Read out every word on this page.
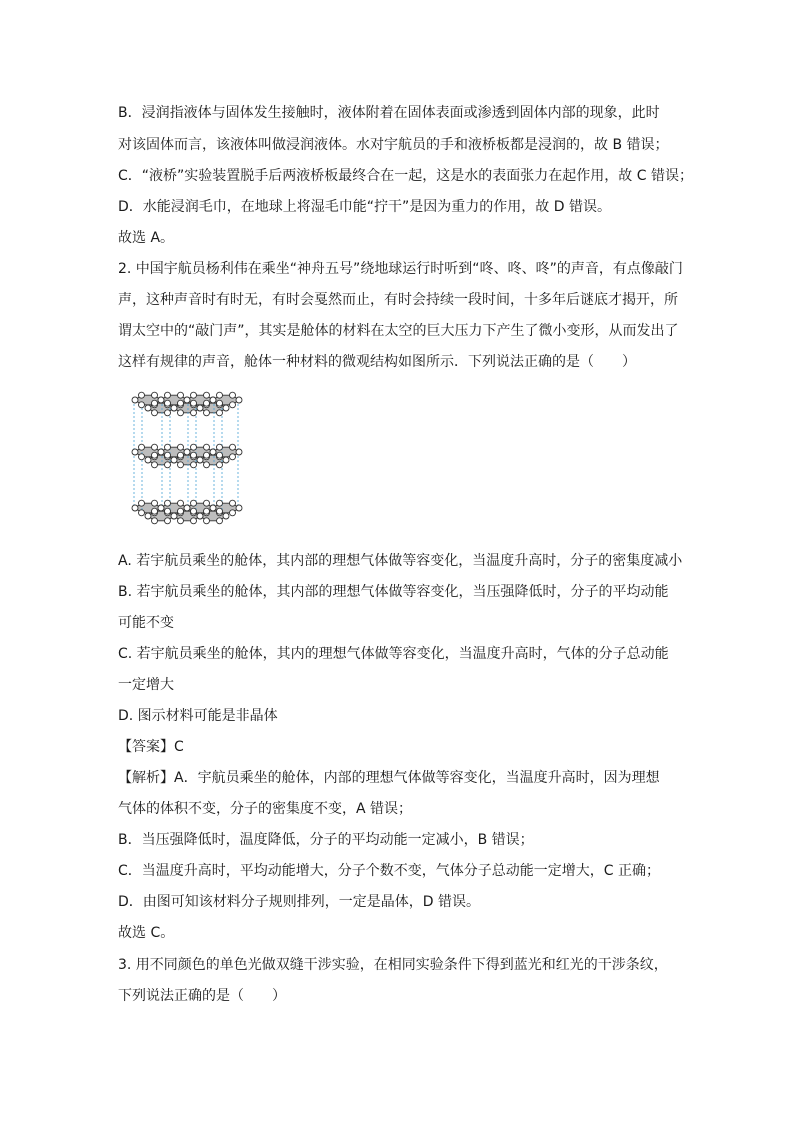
B．浸润指液体与固体发生接触时，液体附着在固体表面或渗透到固体内部的现象，此时
对该固体而言，该液体叫做浸润液体。水对宇航员的手和液桥板都是浸润的，故 B 错误；
C．“液桥”实验装置脱手后两液桥板最终合在一起，这是水的表面张力在起作用，故 C 错误；
D．水能浸润毛巾，在地球上将湿毛巾能“拧干”是因为重力的作用，故 D 错误。
故选 A。
2. 中国宇航员杨利伟在乘坐“神舟五号”绕地球运行时听到“咚、咚、咚”的声音，有点像敲门
声，这种声音时有时无，有时会戛然而止，有时会持续一段时间，十多年后谜底才揭开，所
谓太空中的“敲门声”，其实是舱体的材料在太空的巨大压力下产生了微小变形，从而发出了
这样有规律的声音，舱体一种材料的微观结构如图所示．下列说法正确的是（　　）
A. 若宇航员乘坐的舱体，其内部的理想气体做等容变化，当温度升高时，分子的密集度减小
B. 若宇航员乘坐的舱体，其内部的理想气体做等容变化，当压强降低时，分子的平均动能
可能不变
C. 若宇航员乘坐的舱体，其内的理想气体做等容变化，当温度升高时，气体的分子总动能
一定增大
D. 图示材料可能是非晶体
【答案】C
【解析】A．宇航员乘坐的舱体，内部的理想气体做等容变化，当温度升高时，因为理想
气体的体积不变，分子的密集度不变，A 错误；
B．当压强降低时，温度降低，分子的平均动能一定减小，B 错误；
C．当温度升高时，平均动能增大，分子个数不变，气体分子总动能一定增大，C 正确；
D．由图可知该材料分子规则排列，一定是晶体，D 错误。
故选 C。
3. 用不同颜色的单色光做双缝干涉实验，在相同实验条件下得到蓝光和红光的干涉条纹，
下列说法正确的是（　　）
